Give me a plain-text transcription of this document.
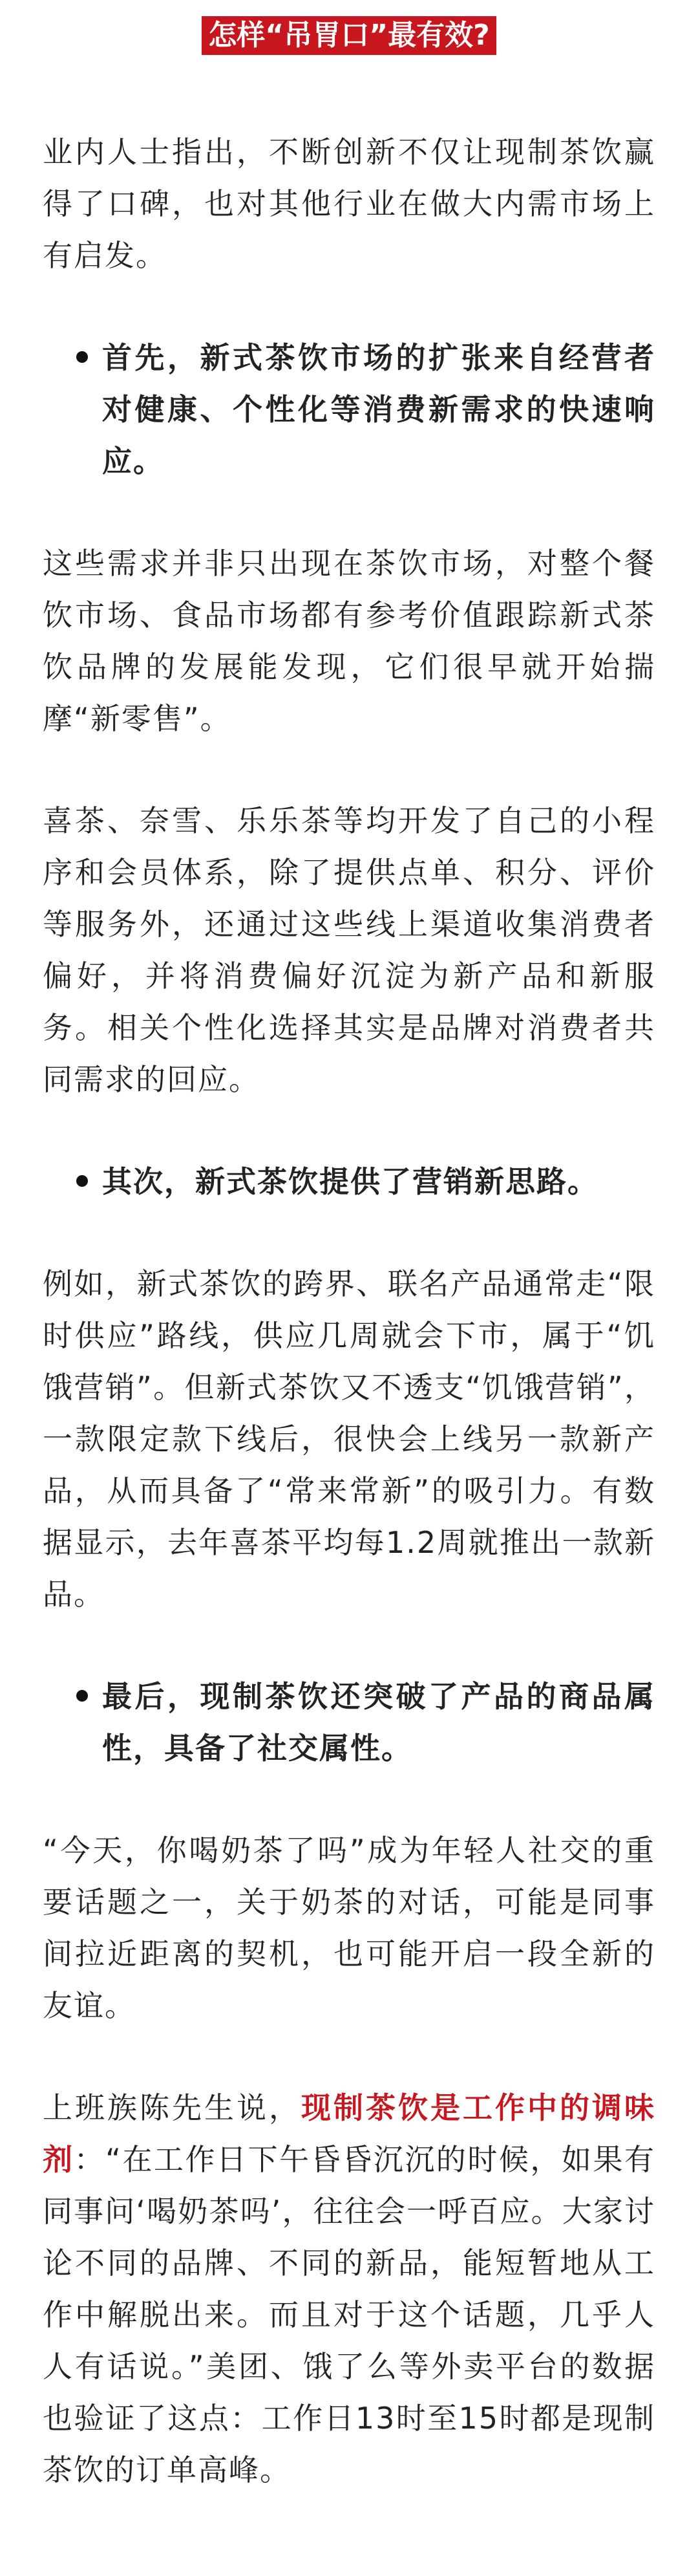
怎样“吊胃口”最有效?

业内人士指出，不断创新不仅让现制茶饮赢得了口碑，也对其他行业在做大内需市场上有启发。

首先，新式茶饮市场的扩张来自经营者对健康、个性化等消费新需求的快速响应。

这些需求并非只出现在茶饮市场，对整个餐饮市场、食品市场都有参考价值跟踪新式茶饮品牌的发展能发现，它们很早就开始揣摩“新零售”。

喜茶、奈雪、乐乐茶等均开发了自己的小程序和会员体系，除了提供点单、积分、评价等服务外，还通过这些线上渠道收集消费者偏好，并将消费偏好沉淀为新产品和新服务。相关个性化选择其实是品牌对消费者共同需求的回应。

其次，新式茶饮提供了营销新思路。

例如，新式茶饮的跨界、联名产品通常走“限时供应”路线，供应几周就会下市，属于“饥饿营销”。但新式茶饮又不透支“饥饿营销”，一款限定款下线后，很快会上线另一款新产品，从而具备了“常来常新”的吸引力。有数据显示，去年喜茶平均每1.2周就推出一款新品。

最后，现制茶饮还突破了产品的商品属性，具备了社交属性。

“今天，你喝奶茶了吗”成为年轻人社交的重要话题之一，关于奶茶的对话，可能是同事间拉近距离的契机，也可能开启一段全新的友谊。

上班族陈先生说，现制茶饮是工作中的调味剂：“在工作日下午昏昏沉沉的时候，如果有同事问‘喝奶茶吗’，往往会一呼百应。大家讨论不同的品牌、不同的新品，能短暂地从工作中解脱出来。而且对于这个话题，几乎人人有话说。”美团、饿了么等外卖平台的数据也验证了这点：工作日13时至15时都是现制茶饮的订单高峰。
